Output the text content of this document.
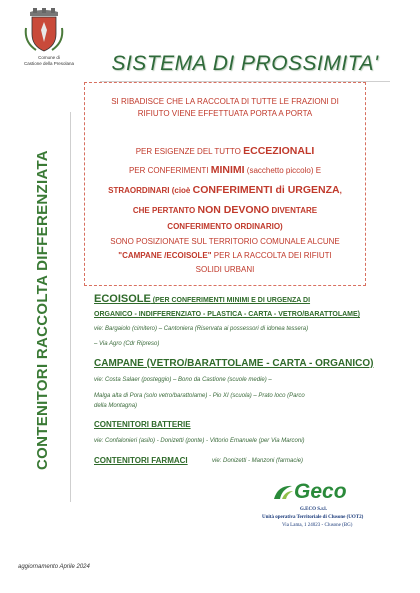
Comune di
Castione della Presolana	SISTEMA DI PROSSIMITA'
SI RIBADISCE CHE LA RACCOLTA DI TUTTE LE FRAZIONI DI
RIFIUTO VIENE EFFETTUATA PORTA A PORTA
PER ESIGENZE DEL TUTTO ECCEZIONALI
PER CONFERIMENTI MINIMI (sacchetto piccolo) E
STRAORDINARI (cioè CONFERIMENTI di URGENZA,
CHE PERTANTO NON DEVONO DIVENTARE
CONFERIMENTO ORDINARIO)
SONO POSIZIONATE SUL TERRITORIO COMUNALE ALCUNE
"CAMPANE /ECOISOLE" PER LA RACCOLTA DEI RIFIUTI
SOLIDI URBANI
CONTENITORI RACCOLTA DIFFERENZIATA	ECOISOLE (PER CONFERIMENTI MINIMI E DI URGENZA DI
ORGANICO - INDIFFERENZIATO - PLASTICA - CARTA - VETRO/BARATTOLAME)
vie: Bargaiolo (cimitero) – Cantoniera (Riservata ai possessori di idonea tessera)
– Via Agro (Cdr Ripreso)
CAMPANE (VETRO/BARATTOLAME - CARTA - ORGANICO)
vie: Costa Salaer (posteggio) – Bono da Castione (scuole medie) –
Malga alta di Pora (solo vetro/barattolame) - Pio XI (scuola) – Prato loco (Parco
della Montagna)
CONTENITORI BATTERIE
vie: Confalonieri (asilo) - Donizetti (ponte) - Vittorio Emanuele (per Via Marconi)
CONTENITORI FARMACI	vie: Donizetti - Manzoni (farmacie)
Geco
G.ECO S.r.l.
Unità operativa Territoriale di Clusone (UOT2)
Via Lama, 1 24023 - Clusone (BG)
aggiornamento Aprile 2024
